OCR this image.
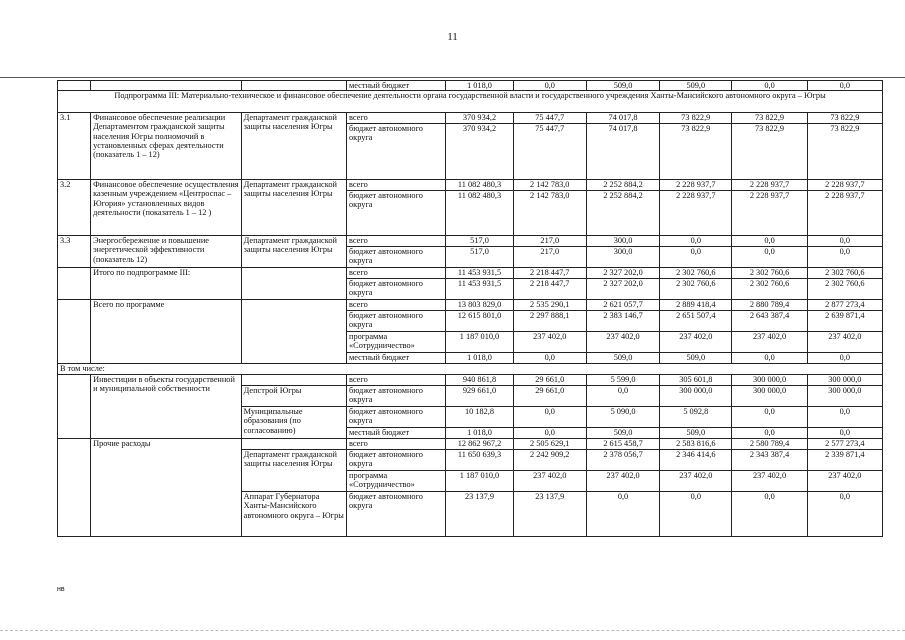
11
			местный бюджет	1 018,0	0,0	509,0	509,0	0,0	0,0
Подпрограмма III: Материально-техническое и финансовое обеспечение деятельности органа государственной власти и государственного учреждения Ханты-Мансийского автономного округа – Югры									
3.1	Финансовое обеспечение реализации Департаментом гражданской защиты населения Югры полномочий в установленных сферах деятельности (показатель 1 – 12)	Департамент гражданской защиты населения Югры	всего	370 934,2	75 447,7	74 017,8	73 822,9	73 822,9	73 822,9
			бюджет автономного округа	370 934,2	75 447,7	74 017,8	73 822,9	73 822,9	73 822,9
3.2	Финансовое обеспечение осуществления казенным учреждением «Центроспас – Югория» установленных видов деятельности (показатель 1 – 12 )	Департамент гражданской защиты населения Югры	всего	11 082 480,3	2 142 783,0	2 252 884,2	2 228 937,7	2 228 937,7	2 228 937,7
			бюджет автономного округа	11 082 480,3	2 142 783,0	2 252 884,2	2 228 937,7	2 228 937,7	2 228 937,7
3.3	Энергосбережение и повышение энергетической эффективности (показатель 12)	Департамент гражданской защиты населения Югры	всего	517,0	217,0	300,0	0,0	0,0	0,0
			бюджет автономного округа	517,0	217,0	300,0	0,0	0,0	0,0
	Итого по подпрограмме III:		всего	11 453 931,5	2 218 447,7	2 327 202,0	2 302 760,6	2 302 760,6	2 302 760,6
			бюджет автономного округа	11 453 931,5	2 218 447,7	2 327 202,0	2 302 760,6	2 302 760,6	2 302 760,6
	Всего по программе		всего	13 803 829,0	2 535 290,1	2 621 057,7	2 889 418,4	2 880 789,4	2 877 273,4
			бюджет автономного округа	12 615 801,0	2 297 888,1	2 383 146,7	2 651 507,4	2 643 387,4	2 639 871,4
			программа «Сотрудничество»	1 187 010,0	237 402,0	237 402,0	237 402,0	237 402,0	237 402,0
			местный бюджет	1 018,0	0,0	509,0	509,0	0,0	0,0
В том числе:									
	Инвестиции в объекты государственной и муниципальной собственности		всего	940 861,8	29 661,0	5 599,0	305 601,8	300 000,0	300 000,0
		Депстрой Югры	бюджет автономного округа	929 661,0	29 661,0	0,0	300 000,0	300 000,0	300 000,0
		Муниципальные образования (по согласованию)	бюджет автономного округа	10 182,8	0,0	5 090,0	5 092,8	0,0	0,0
			местный бюджет	1 018,0	0,0	509,0	509,0	0,0	0,0
	Прочие расходы		всего	12 862 967,2	2 505 629,1	2 615 458,7	2 583 816,6	2 580 789,4	2 577 273,4
		Департамент гражданской защиты населения Югры	бюджет автономного округа	11 650 639,3	2 242 909,2	2 378 056,7	2 346 414,6	2 343 387,4	2 339 871,4
			программа «Сотрудничество»	1 187 010,0	237 402,0	237 402,0	237 402,0	237 402,0	237 402,0
		Аппарат Губернатора Ханты-Мансийского автономного округа – Югры	бюджет автономного округа	23 137,9	23 137,9	0,0	0,0	0,0	0,0
нв
